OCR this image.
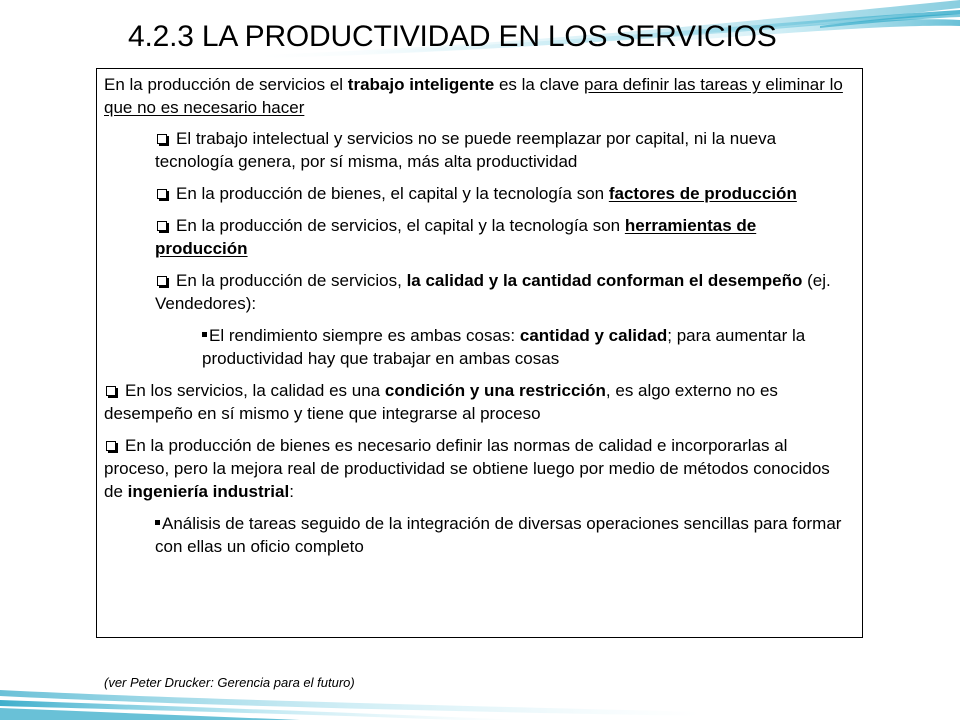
4.2.3 LA PRODUCTIVIDAD EN LOS SERVICIOS

En la producción de servicios el trabajo inteligente es la clave para definir las tareas y eliminar lo que no es necesario hacer

El trabajo intelectual y servicios no se puede reemplazar por capital, ni la nueva tecnología genera, por sí misma, más alta productividad

En la producción de bienes, el capital y la tecnología son factores de producción

En la producción de servicios, el capital y la tecnología son herramientas de producción

En la producción de servicios, la calidad y la cantidad conforman el desempeño (ej. Vendedores):

El rendimiento siempre es ambas cosas: cantidad y calidad; para aumentar la productividad hay que trabajar en ambas cosas

En los servicios, la calidad es una condición y una restricción, es algo externo no es desempeño en sí mismo y tiene que integrarse al proceso

En la producción de bienes es necesario definir las normas de calidad e incorporarlas al proceso, pero la mejora real de productividad se obtiene luego por medio de métodos conocidos de ingeniería industrial:

Análisis de tareas seguido de la integración de diversas operaciones sencillas para formar con ellas un oficio completo

(ver Peter Drucker: Gerencia para el futuro)
